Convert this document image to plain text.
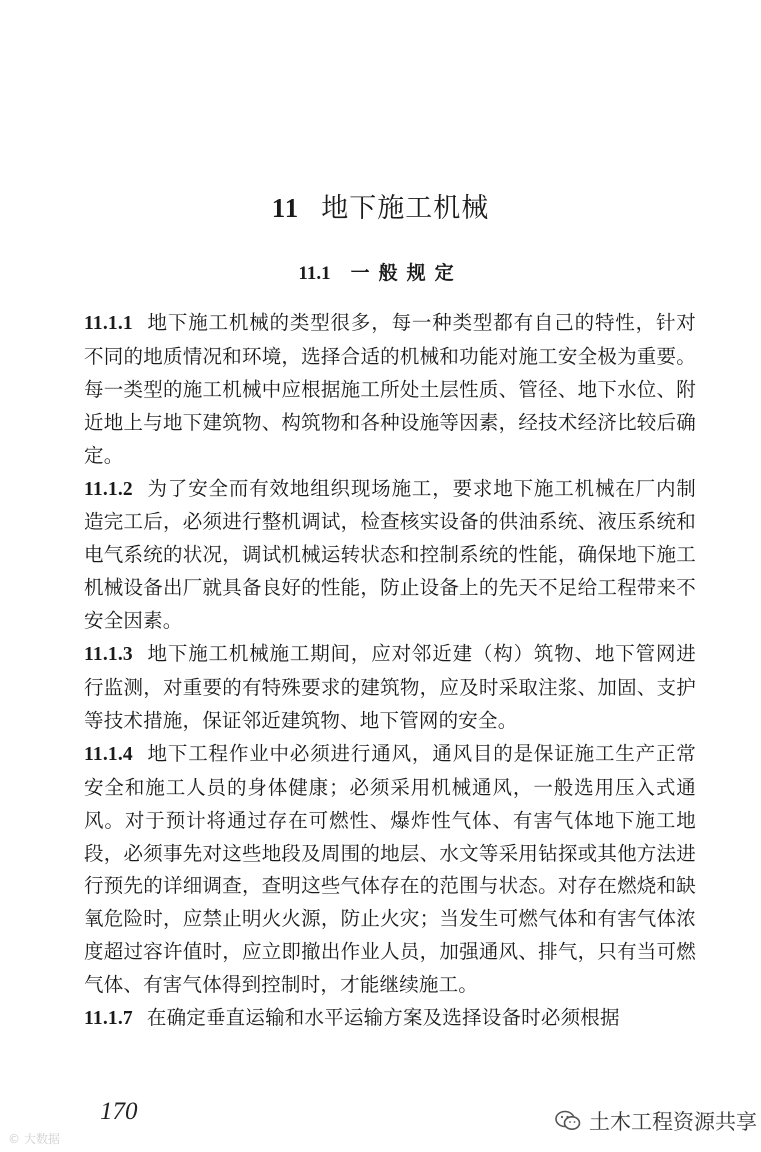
11 地下施工机械
11.1 一般规定
11.1.1 地下施工机械的类型很多，每一种类型都有自己的特性，针对不同的地质情况和环境，选择合适的机械和功能对施工安全极为重要。每一类型的施工机械中应根据施工所处土层性质、管径、地下水位、附近地上与地下建筑物、构筑物和各种设施等因素，经技术经济比较后确定。
11.1.2 为了安全而有效地组织现场施工，要求地下施工机械在厂内制造完工后，必须进行整机调试，检查核实设备的供油系统、液压系统和电气系统的状况，调试机械运转状态和控制系统的性能，确保地下施工机械设备出厂就具备良好的性能，防止设备上的先天不足给工程带来不安全因素。
11.1.3 地下施工机械施工期间，应对邻近建（构）筑物、地下管网进行监测，对重要的有特殊要求的建筑物，应及时采取注浆、加固、支护等技术措施，保证邻近建筑物、地下管网的安全。
11.1.4 地下工程作业中必须进行通风，通风目的是保证施工生产正常安全和施工人员的身体健康；必须采用机械通风，一般选用压入式通风。对于预计将通过存在可燃性、爆炸性气体、有害气体地下施工地段，必须事先对这些地段及周围的地层、水文等采用钻探或其他方法进行预先的详细调查，查明这些气体存在的范围与状态。对存在燃烧和缺氧危险时，应禁止明火火源，防止火灾；当发生可燃气体和有害气体浓度超过容许值时，应立即撤出作业人员，加强通风、排气，只有当可燃气体、有害气体得到控制时，才能继续施工。
11.1.7 在确定垂直运输和水平运输方案及选择设备时必须根据
170
© 大数据
土木工程资源共享
